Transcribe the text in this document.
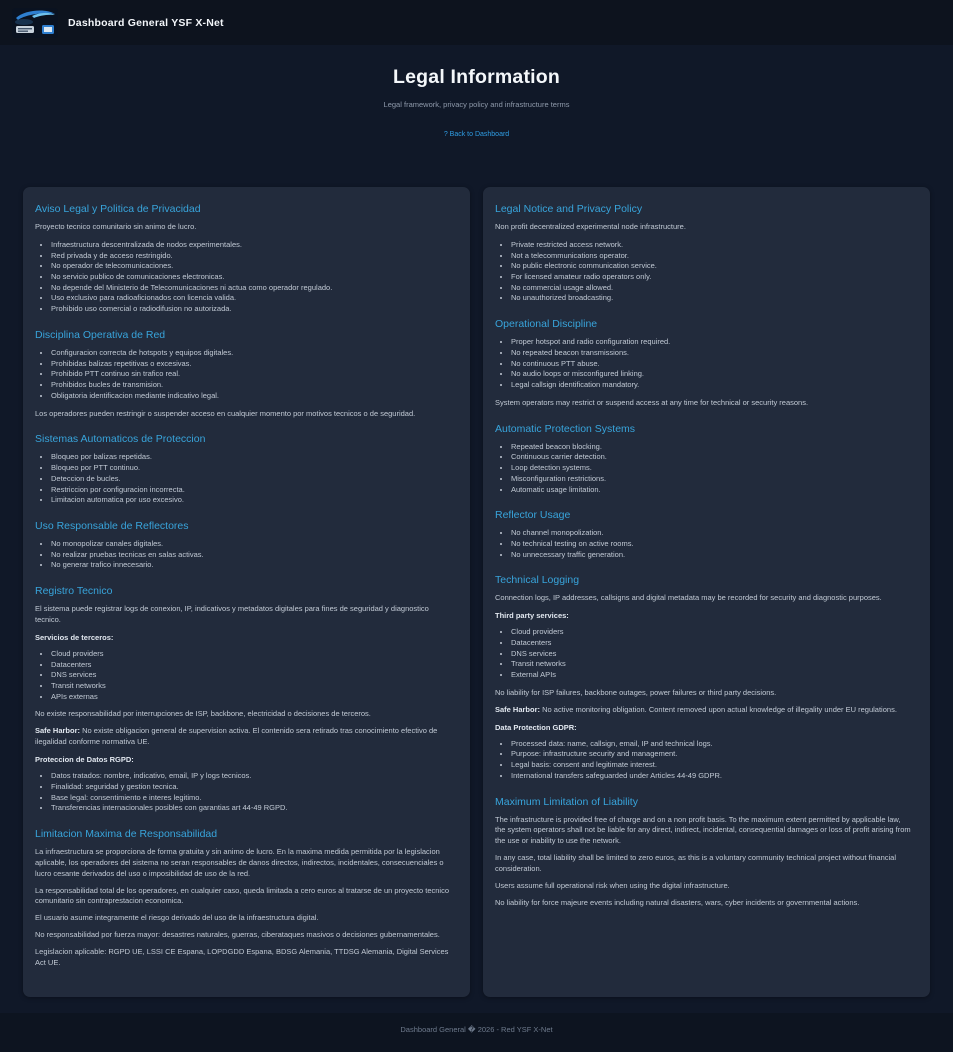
Dashboard General YSF X-Net
Legal Information
Legal framework, privacy policy and infrastructure terms
? Back to Dashboard
Aviso Legal y Politica de Privacidad

Proyecto tecnico comunitario sin animo de lucro.

• Infraestructura descentralizada de nodos experimentales.
• Red privada y de acceso restringido.
• No operador de telecomunicaciones.
• No servicio publico de comunicaciones electronicas.
• No depende del Ministerio de Telecomunicaciones ni actua como operador regulado.
• Uso exclusivo para radioaficionados con licencia valida.
• Prohibido uso comercial o radiodifusion no autorizada.
Disciplina Operativa de Red
• Configuracion correcta de hotspots y equipos digitales.
• Prohibidas balizas repetitivas o excesivas.
• Prohibido PTT continuo sin trafico real.
• Prohibidos bucles de transmision.
• Obligatoria identificacion mediante indicativo legal.

Los operadores pueden restringir o suspender acceso en cualquier momento por motivos tecnicos o de seguridad.

Sistemas Automaticos de Proteccion
• Bloqueo por balizas repetidas.
• Bloqueo por PTT continuo.
• Deteccion de bucles.
• Restriccion por configuracion incorrecta.
• Limitacion automatica por uso excesivo.
Uso Responsable de Reflectores
• No monopolizar canales digitales.
• No realizar pruebas tecnicas en salas activas.
• No generar trafico innecesario.
Registro Tecnico

El sistema puede registrar logs de conexion, IP, indicativos y metadatos digitales para fines de seguridad y diagnostico tecnico.

Servicios de terceros:

• Cloud providers
• Datacenters
• DNS services
• Transit networks
• APIs externas

No existe responsabilidad por interrupciones de ISP, backbone, electricidad o decisiones de terceros.

Safe Harbor: No existe obligacion general de supervision activa. El contenido sera retirado tras conocimiento efectivo de ilegalidad conforme normativa UE.

Proteccion de Datos RGPD:

• Datos tratados: nombre, indicativo, email, IP y logs tecnicos.
• Finalidad: seguridad y gestion tecnica.
• Base legal: consentimiento e interes legitimo.
• Transferencias internacionales posibles con garantias art 44-49 RGPD.
Limitacion Maxima de Responsabilidad

La infraestructura se proporciona de forma gratuita y sin animo de lucro. En la maxima medida permitida por la legislacion aplicable, los operadores del sistema no seran responsables de danos directos, indirectos, incidentales, consecuenciales o lucro cesante derivados del uso o imposibilidad de uso de la red.

La responsabilidad total de los operadores, en cualquier caso, queda limitada a cero euros al tratarse de un proyecto tecnico comunitario sin contraprestacion economica.

El usuario asume integramente el riesgo derivado del uso de la infraestructura digital.

No responsabilidad por fuerza mayor: desastres naturales, guerras, ciberataques masivos o decisiones gubernamentales.

Legislacion aplicable: RGPD UE, LSSI CE Espana, LOPDGDD Espana, BDSG Alemania, TTDSG Alemania, Digital Services Act UE.

Legal Notice and Privacy Policy

Non profit decentralized experimental node infrastructure.

• Private restricted access network.
• Not a telecommunications operator.
• No public electronic communication service.
• For licensed amateur radio operators only.
• No commercial usage allowed.
• No unauthorized broadcasting.
Operational Discipline
• Proper hotspot and radio configuration required.
• No repeated beacon transmissions.
• No continuous PTT abuse.
• No audio loops or misconfigured linking.
• Legal callsign identification mandatory.

System operators may restrict or suspend access at any time for technical or security reasons.

Automatic Protection Systems
• Repeated beacon blocking.
• Continuous carrier detection.
• Loop detection systems.
• Misconfiguration restrictions.
• Automatic usage limitation.
Reflector Usage
• No channel monopolization.
• No technical testing on active rooms.
• No unnecessary traffic generation.
Technical Logging

Connection logs, IP addresses, callsigns and digital metadata may be recorded for security and diagnostic purposes.

Third party services:

• Cloud providers
• Datacenters
• DNS services
• Transit networks
• External APIs

No liability for ISP failures, backbone outages, power failures or third party decisions.

Safe Harbor: No active monitoring obligation. Content removed upon actual knowledge of illegality under EU regulations.

Data Protection GDPR:

• Processed data: name, callsign, email, IP and technical logs.
• Purpose: infrastructure security and management.
• Legal basis: consent and legitimate interest.
• International transfers safeguarded under Articles 44-49 GDPR.
Maximum Limitation of Liability

The infrastructure is provided free of charge and on a non profit basis. To the maximum extent permitted by applicable law, the system operators shall not be liable for any direct, indirect, incidental, consequential damages or loss of profit arising from the use or inability to use the network.

In any case, total liability shall be limited to zero euros, as this is a voluntary community technical project without financial consideration.

Users assume full operational risk when using the digital infrastructure.

No liability for force majeure events including natural disasters, wars, cyber incidents or governmental actions.

Dashboard General � 2026 - Red YSF X-Net
